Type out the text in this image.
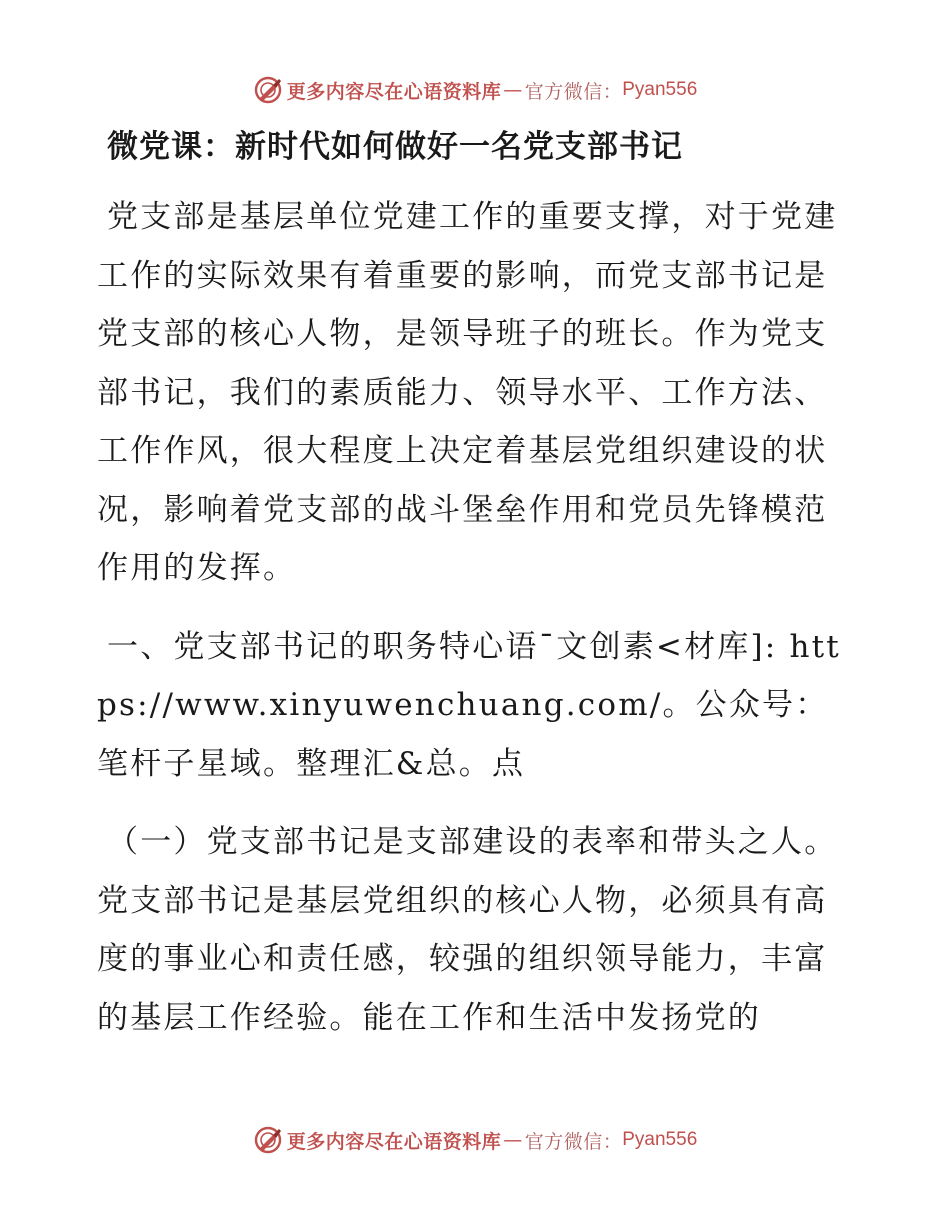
更多内容尽在心语资料库 — 官方微信： Pyan556
微党课：新时代如何做好一名党支部书记

党支部是基层单位党建工作的重要支撑，对于党建工作的实际效果有着重要的影响，而党支部书记是党支部的核心人物，是领导班子的班长。作为党支部书记，我们的素质能力、领导水平、工作方法、工作作风，很大程度上决定着基层党组织建设的状况，影响着党支部的战斗堡垒作用和党员先锋模范作用的发挥。

一、党支部书记的职务特心语¯文创素<材库]: https://www.xinyuwenchuang.com/。公众号：笔杆子星域。整理汇&总。点

（一）党支部书记是支部建设的表率和带头之人。党支部书记是基层党组织的核心人物，必须具有高度的事业心和责任感，较强的组织领导能力，丰富的基层工作经验。能在工作和生活中发扬党的

更多内容尽在心语资料库 — 官方微信： Pyan556
